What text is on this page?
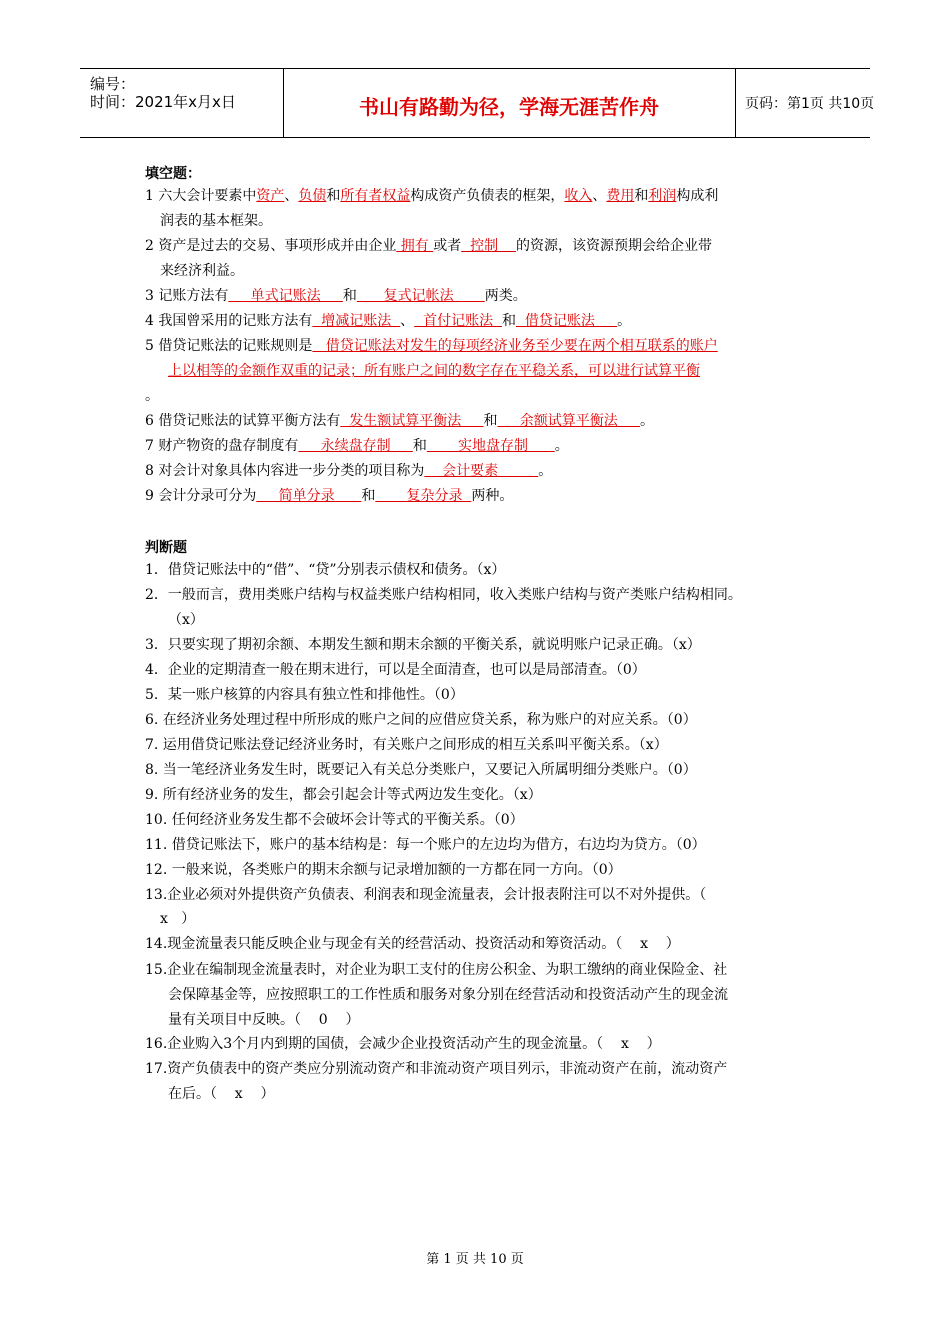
编号：
时间：2021年x月x日	书山有路勤为径，学海无涯苦作舟	页码：第1页 共10页
填空题：
1 六大会计要素中资产、负债和所有者权益构成资产负债表的框架，收入、费用和利润构成利
润表的基本框架。
2 资产是过去的交易、事项形成并由企业 拥有 或者  控制    的资源，该资源预期会给企业带
来经济利益。
3 记账方法有     单式记账法     和      复式记帐法       两类。
4 我国曾采用的记账方法有  增减记账法  、  首付记账法  和  借贷记账法     。
5 借贷记账法的记账规则是   借贷记账法对发生的每项经济业务至少要在两个相互联系的账户
上以相等的金额作双重的记录；所有账户之间的数字存在平稳关系，可以进行试算平衡
。
6 借贷记账法的试算平衡方法有  发生额试算平衡法     和     余额试算平衡法     。
7 财产物资的盘存制度有     永续盘存制     和       实地盘存制      。
8 对会计对象具体内容进一步分类的项目称为    会计要素         。
9 会计分录可分为     简单分录      和       复杂分录  两种。
判断题
1．借贷记账法中的“借”、“贷”分别表示债权和债务。（x）
2．一般而言，费用类账户结构与权益类账户结构相同，收入类账户结构与资产类账户结构相同。
（x）
3．只要实现了期初余额、本期发生额和期末余额的平衡关系，就说明账户记录正确。（x）
4．企业的定期清查一般在期末进行，可以是全面清查，也可以是局部清查。（0）
5．某一账户核算的内容具有独立性和排他性。（0）
6. 在经济业务处理过程中所形成的账户之间的应借应贷关系，称为账户的对应关系。（0）
7. 运用借贷记账法登记经济业务时，有关账户之间形成的相互关系叫平衡关系。（x）
8. 当一笔经济业务发生时，既要记入有关总分类账户，又要记入所属明细分类账户。（0）
9. 所有经济业务的发生，都会引起会计等式两边发生变化。（x）
10. 任何经济业务发生都不会破坏会计等式的平衡关系。（0）
11. 借贷记账法下，账户的基本结构是：每一个账户的左边均为借方，右边均为贷方。（0）
12. 一般来说，各类账户的期末余额与记录增加额的一方都在同一方向。（0）
13.企业必须对外提供资产负债表、利润表和现金流量表，会计报表附注可以不对外提供。（
x   ）
14.现金流量表只能反映企业与现金有关的经营活动、投资活动和筹资活动。（    x    ）
15.企业在编制现金流量表时，对企业为职工支付的住房公积金、为职工缴纳的商业保险金、社
会保障基金等，应按照职工的工作性质和服务对象分别在经营活动和投资活动产生的现金流
量有关项目中反映。（    0    ）
16.企业购入3个月内到期的国债，会减少企业投资活动产生的现金流量。（    x    ）
17.资产负债表中的资产类应分别流动资产和非流动资产项目列示，非流动资产在前，流动资产
在后。（    x    ）
第 1 页 共 10 页
